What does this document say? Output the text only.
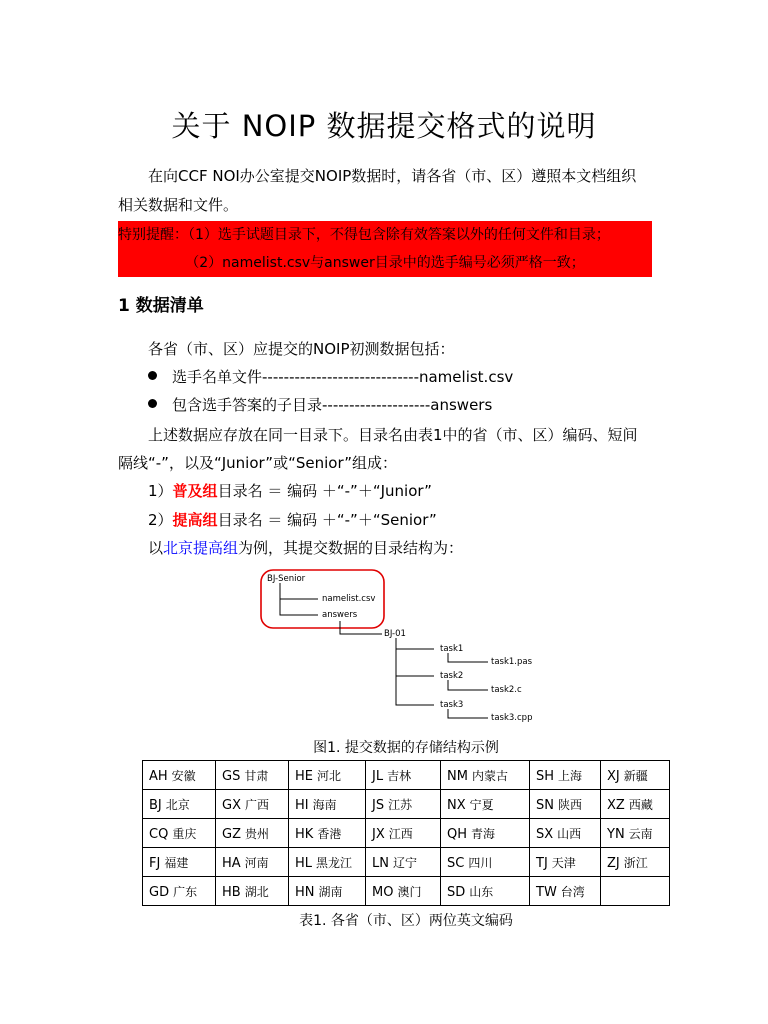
关于 NOIP 数据提交格式的说明
在向CCF NOI办公室提交NOIP数据时，请各省（市、区）遵照本文档组织
相关数据和文件。
特别提醒：（1）选手试题目录下，不得包含除有效答案以外的任何文件和目录；
（2）namelist.csv与answer目录中的选手编号必须严格一致；
1 数据清单
各省（市、区）应提交的NOIP初测数据包括：
选手名单文件-----------------------------namelist.csv
包含选手答案的子目录--------------------answers
上述数据应存放在同一目录下。目录名由表1中的省（市、区）编码、短间
隔线“-”，以及“Junior”或“Senior”组成：
1）普及组目录名 ＝ 编码 ＋“-”＋“Junior”
2）提高组目录名 ＝ 编码 ＋“-”＋“Senior”
以北京提高组为例，其提交数据的目录结构为：
BJ-Senior
namelist.csv
answers
BJ-01
task1
task1.pas
task2
task2.c
task3
task3.cpp
图1. 提交数据的存储结构示例
AH 安徽	GS 甘肃	HE 河北	JL 吉林	NM 内蒙古	SH 上海	XJ 新疆
BJ 北京	GX 广西	HI 海南	JS 江苏	NX 宁夏	SN 陕西	XZ 西藏
CQ 重庆	GZ 贵州	HK 香港	JX 江西	QH 青海	SX 山西	YN 云南
FJ 福建	HA 河南	HL 黑龙江	LN 辽宁	SC 四川	TJ 天津	ZJ 浙江
GD 广东	HB 湖北	HN 湖南	MO 澳门	SD 山东	TW 台湾	
表1. 各省（市、区）两位英文编码
